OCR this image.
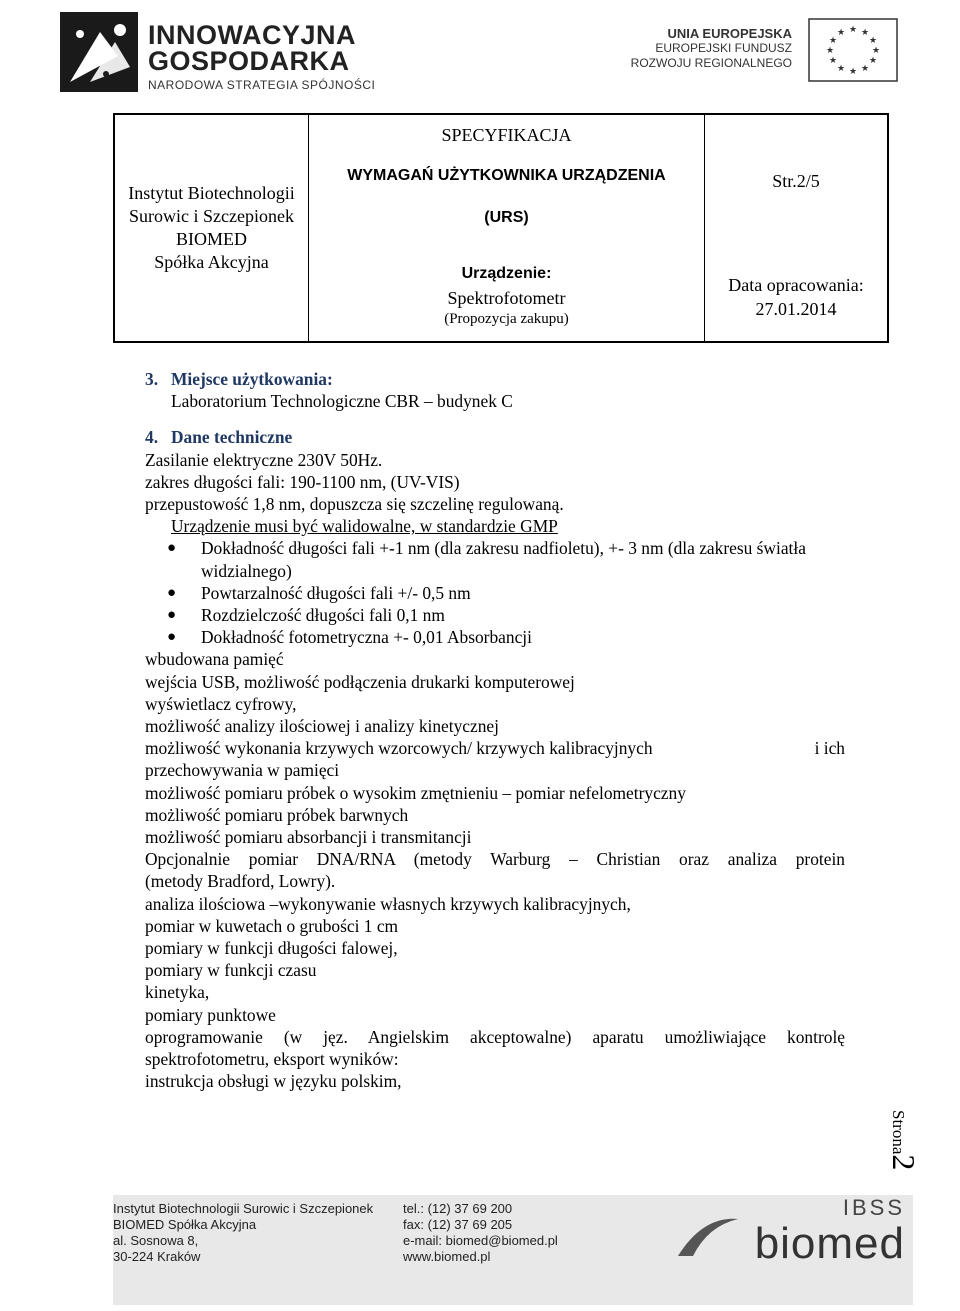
INNOWACYJNA
GOSPODARKA
NARODOWA STRATEGIA SPÓJNOŚCI
UNIA EUROPEJSKA
EUROPEJSKI FUNDUSZ
ROZWOJU REGIONALNEGO
★ ★
★
★
★
★
★
★
★
★
★
★
Instytut Biotechnologii
Surowic i Szczepionek
BIOMED
Spółka Akcyjna
SPECYFIKACJA
WYMAGAŃ UŻYTKOWNIKA URZĄDZENIA
(URS)
Urządzenie:
Spektrofotometr
(Propozycja zakupu)
Str.2/5
Data opracowania:
27.01.2014
3. Miejsce użytkowania:
Laboratorium Technologiczne CBR – budynek C
4. Dane techniczne
Zasilanie elektryczne 230V 50Hz.
zakres długości fali: 190-1100 nm, (UV-VIS)
przepustowość 1,8 nm, dopuszcza się szczelinę regulowaną.
Urządzenie musi być walidowalne, w standardzie GMP
● Dokładność długości fali +-1 nm (dla zakresu nadfioletu), +- 3 nm (dla zakresu światła widzialnego)
● Powtarzalność długości fali +/- 0,5 nm
● Rozdzielczość długości fali 0,1 nm
● Dokładność fotometryczna +- 0,01 Absorbancji
wbudowana pamięć
wejścia USB, możliwość podłączenia drukarki komputerowej
wyświetlacz cyfrowy,
możliwość analizy ilościowej i analizy kinetycznej
możliwość wykonania krzywych wzorcowych/ krzywych kalibracyjnych	i ich
przechowywania w pamięci
możliwość pomiaru próbek o wysokim zmętnieniu – pomiar nefelometryczny
możliwość pomiaru próbek barwnych
możliwość pomiaru absorbancji i transmitancji
Opcjonalnie pomiar DNA/RNA (metody Warburg – Christian oraz analiza protein
(metody Bradford, Lowry).
analiza ilościowa –wykonywanie własnych krzywych kalibracyjnych,
pomiar w kuwetach o grubości 1 cm
pomiary w funkcji długości falowej,
pomiary w funkcji czasu
kinetyka,
pomiary punktowe
oprogramowanie (w jęz. Angielskim akceptowalne) aparatu umożliwiające kontrolę
spektrofotometru, eksport wyników:
instrukcja obsługi w języku polskim,
Strona2
Instytut Biotechnologii Surowic i Szczepionek
BIOMED Spółka Akcyjna
al. Sosnowa 8,
30-224 Kraków
tel.: (12) 37 69 200
fax: (12) 37 69 205
e-mail: biomed@biomed.pl
www.biomed.pl
IBSS
biomed
